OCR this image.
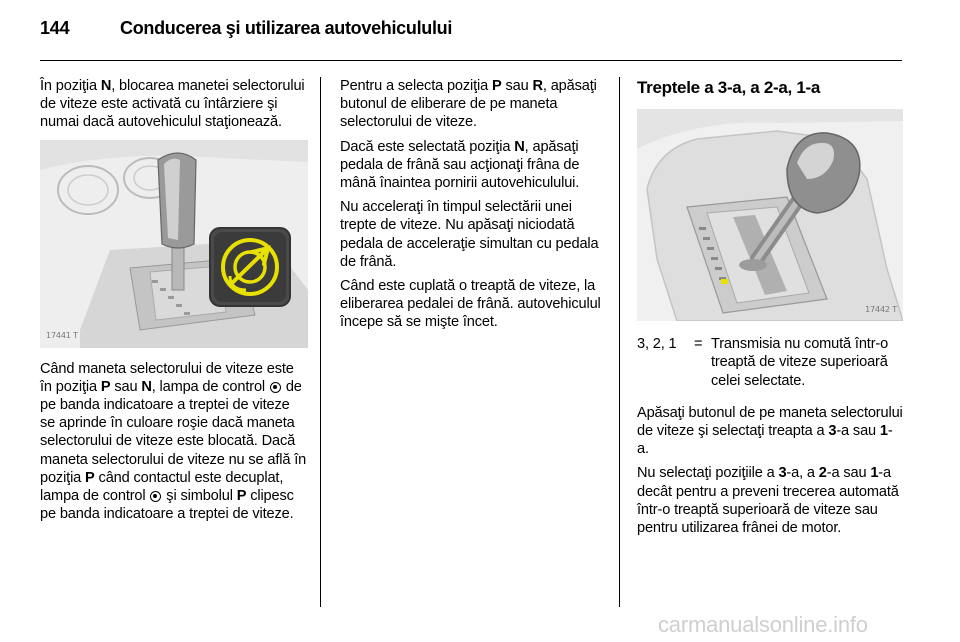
144	Conducerea şi utilizarea autovehiculului

În poziţia N, blocarea manetei selectorului de viteze este activată cu întârziere şi numai dacă autovehiculul staţionează.

17441 T

Când maneta selectorului de viteze este în poziţia P sau N, lampa de control  de pe banda indicatoare a treptei de viteze se aprinde în culoare roşie dacă maneta selectorului de viteze este blocată. Dacă maneta selectorului de viteze nu se află în poziţia P când contactul este decuplat, lampa de control  şi simbolul P clipesc pe banda indicatoare a treptei de viteze.

Pentru a selecta poziţia P sau R, apăsaţi butonul de eliberare de pe maneta selectorului de viteze.

Dacă este selectată poziţia N, apăsaţi pedala de frână sau acţionaţi frâna de mână înaintea pornirii autovehiculului.

Nu acceleraţi în timpul selectării unei trepte de viteze. Nu apăsaţi niciodată pedala de acceleraţie simultan cu pedala de frână.

Când este cuplată o treaptă de viteze, la eliberarea pedalei de frână. autovehiculul începe să se mişte încet.

Treptele a 3-a, a 2-a, 1-a
17442 T
3, 2, 1	= Transmisia nu comută într-o treaptă de viteze superioară celei selectate.

Apăsaţi butonul de pe maneta selectorului de viteze şi selectaţi treapta a 3-a sau 1-a.

Nu selectaţi poziţiile a 3-a, a 2-a sau 1-a decât pentru a preveni trecerea automată într-o treaptă superioară de viteze sau pentru utilizarea frânei de motor.

carmanualsonline.info
